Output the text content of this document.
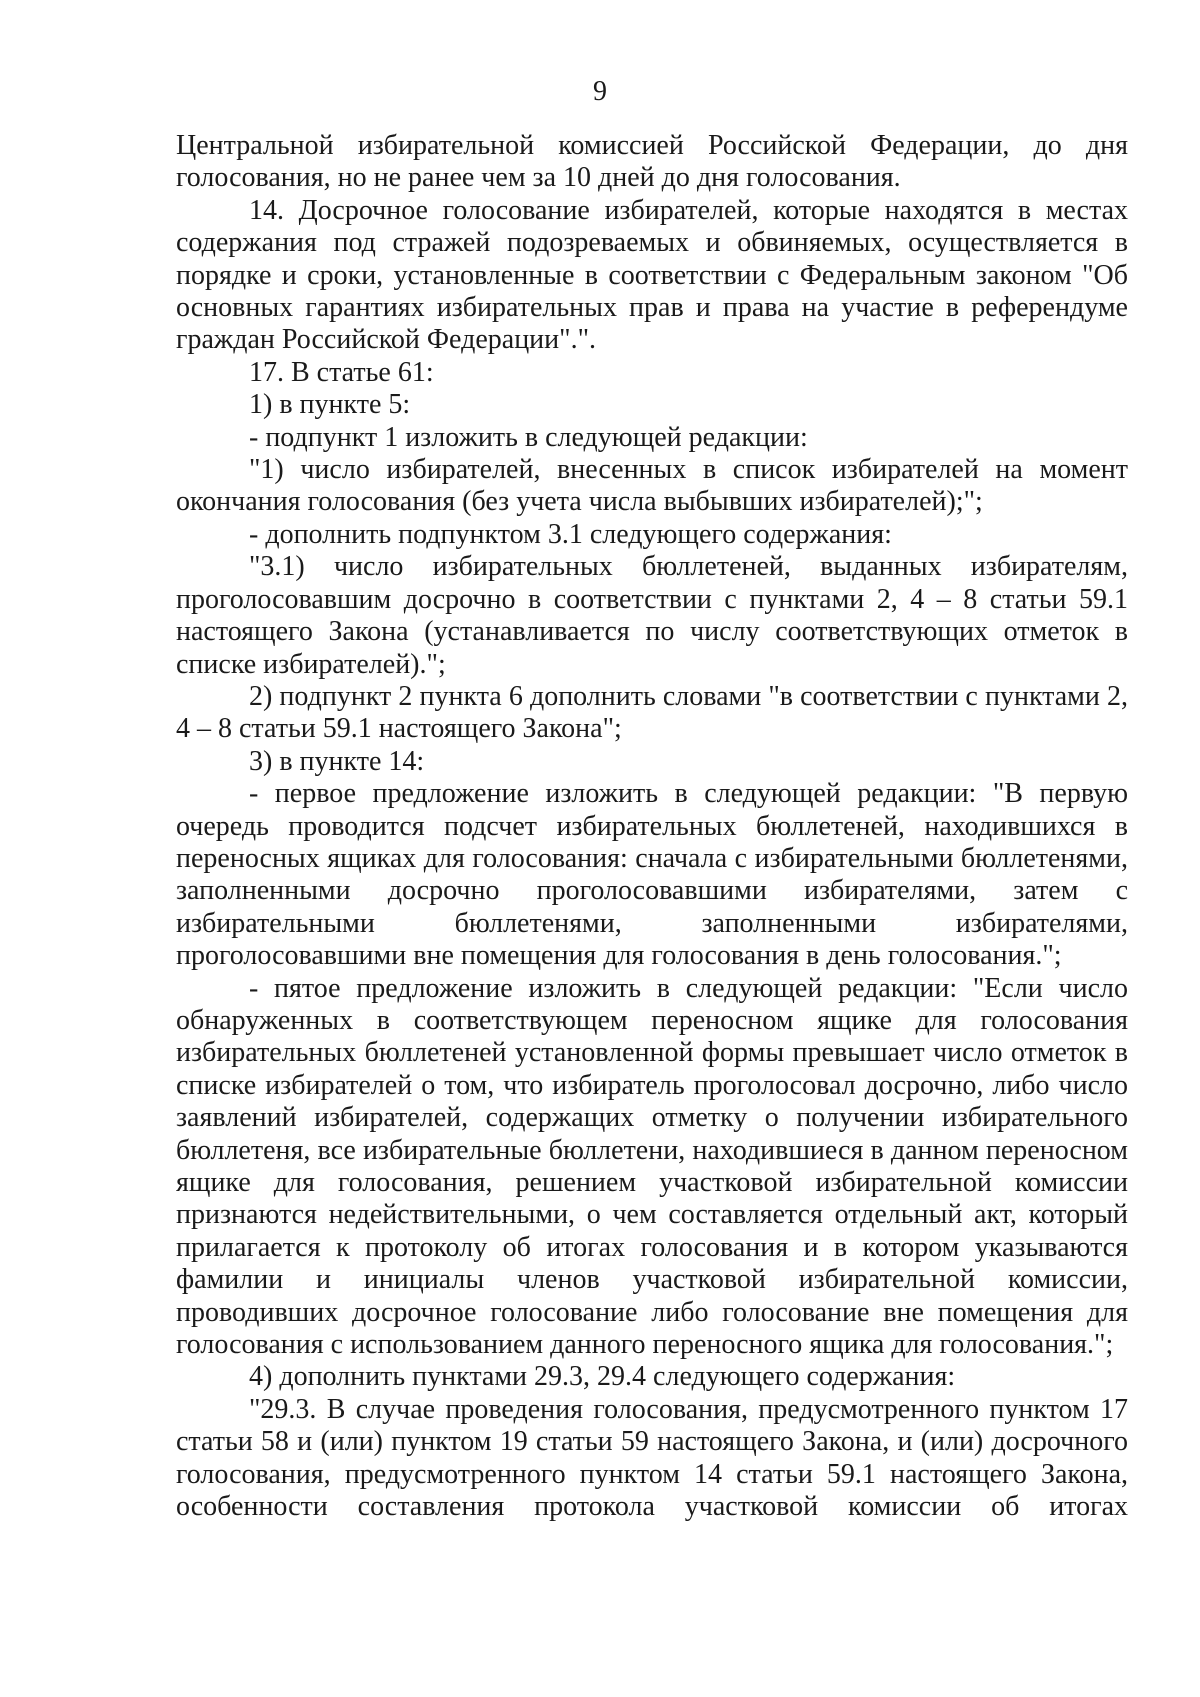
9

Центральной избирательной комиссией Российской Федерации, до дня голосования, но не ранее чем за 10 дней до дня голосования.

14. Досрочное голосование избирателей, которые находятся в местах содержания под стражей подозреваемых и обвиняемых, осуществляется в порядке и сроки, установленные в соответствии с Федеральным законом "Об основных гарантиях избирательных прав и права на участие в референдуме граждан Российской Федерации".".

17. В статье 61:

1) в пункте 5:

- подпункт 1 изложить в следующей редакции:

"1) число избирателей, внесенных в список избирателей на момент окончания голосования (без учета числа выбывших избирателей);";

- дополнить подпунктом 3.1 следующего содержания:

"3.1) число избирательных бюллетеней, выданных избирателям, проголосовавшим досрочно в соответствии с пунктами 2, 4 – 8 статьи 59.1 настоящего Закона (устанавливается по числу соответствующих отметок в списке избирателей).";

2) подпункт 2 пункта 6 дополнить словами "в соответствии с пунктами 2, 4 – 8 статьи 59.1 настоящего Закона";

3) в пункте 14:

- первое предложение изложить в следующей редакции: "В первую очередь проводится подсчет избирательных бюллетеней, находившихся в переносных ящиках для голосования: сначала с избирательными бюллетенями, заполненными досрочно проголосовавшими избирателями, затем с избирательными бюллетенями, заполненными избирателями, проголосовавшими вне помещения для голосования в день голосования.";

- пятое предложение изложить в следующей редакции: "Если число обнаруженных в соответствующем переносном ящике для голосования избирательных бюллетеней установленной формы превышает число отметок в списке избирателей о том, что избиратель проголосовал досрочно, либо число заявлений избирателей, содержащих отметку о получении избирательного бюллетеня, все избирательные бюллетени, находившиеся в данном переносном ящике для голосования, решением участковой избирательной комиссии признаются недействительными, о чем составляется отдельный акт, который прилагается к протоколу об итогах голосования и в котором указываются фамилии и инициалы членов участковой избирательной комиссии, проводивших досрочное голосование либо голосование вне помещения для голосования с использованием данного переносного ящика для голосования.";

4) дополнить пунктами 29.3, 29.4 следующего содержания:

"29.3. В случае проведения голосования, предусмотренного пунктом 17 статьи 58 и (или) пунктом 19 статьи 59 настоящего Закона, и (или) досрочного голосования, предусмотренного пунктом 14 статьи 59.1 настоящего Закона, особенности составления протокола участковой комиссии об итогах
